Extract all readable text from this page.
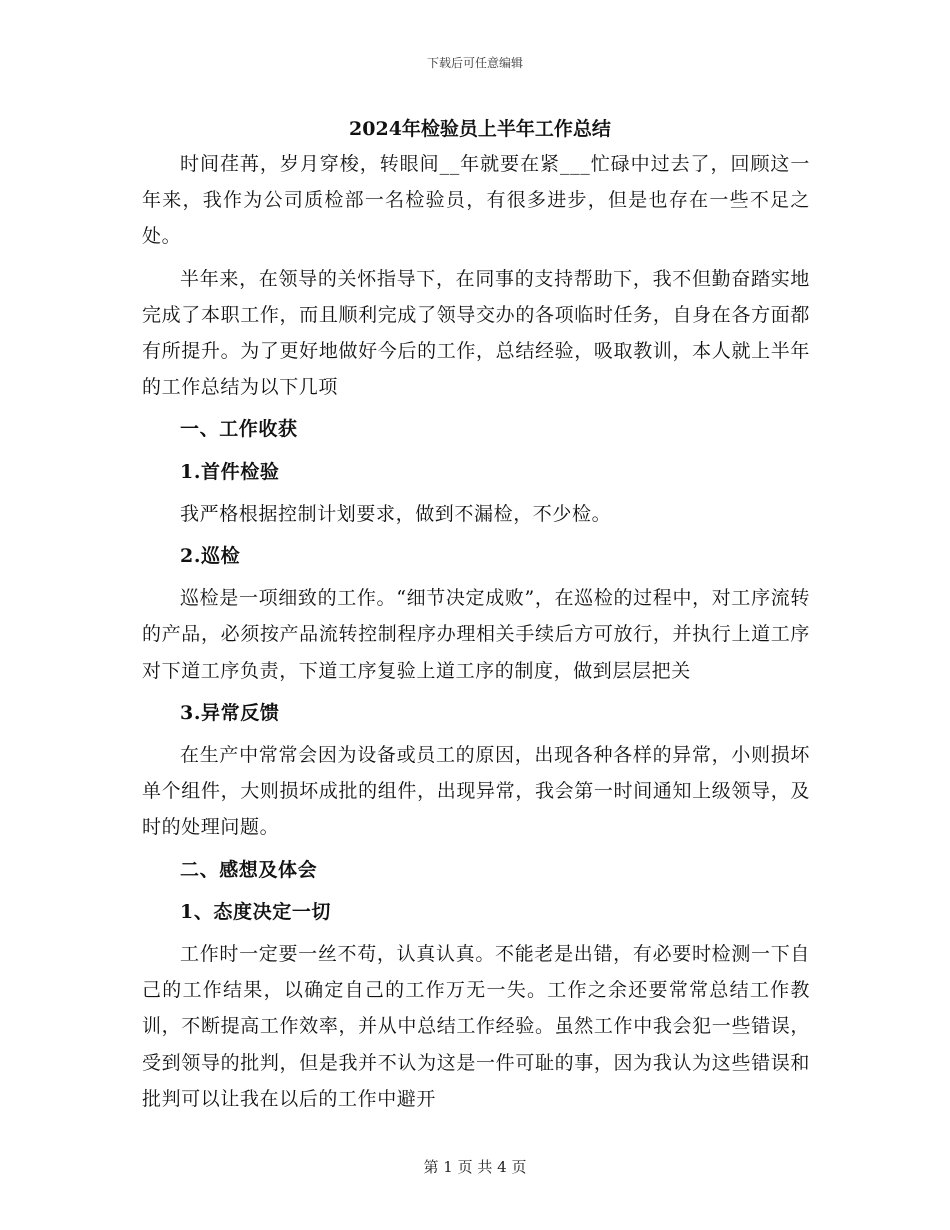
下载后可任意编辑
2024年检验员上半年工作总结

时间荏苒，岁月穿梭，转眼间__年就要在紧___忙碌中过去了，回顾这一年来，我作为公司质检部一名检验员，有很多进步，但是也存在一些不足之处。

半年来，在领导的关怀指导下，在同事的支持帮助下，我不但勤奋踏实地完成了本职工作，而且顺利完成了领导交办的各项临时任务，自身在各方面都有所提升。为了更好地做好今后的工作，总结经验，吸取教训，本人就上半年的工作总结为以下几项

一、工作收获
1.首件检验

我严格根据控制计划要求，做到不漏检，不少检。

2.巡检

巡检是一项细致的工作。“细节决定成败”，在巡检的过程中，对工序流转的产品，必须按产品流转控制程序办理相关手续后方可放行，并执行上道工序对下道工序负责，下道工序复验上道工序的制度，做到层层把关

3.异常反馈

在生产中常常会因为设备或员工的原因，出现各种各样的异常，小则损坏单个组件，大则损坏成批的组件，出现异常，我会第一时间通知上级领导，及时的处理问题。

二、感想及体会
1、态度决定一切

工作时一定要一丝不苟，认真认真。不能老是出错，有必要时检测一下自己的工作结果，以确定自己的工作万无一失。工作之余还要常常总结工作教训，不断提高工作效率，并从中总结工作经验。虽然工作中我会犯一些错误，受到领导的批判，但是我并不认为这是一件可耻的事，因为我认为这些错误和批判可以让我在以后的工作中避开

第 1 页 共 4 页
